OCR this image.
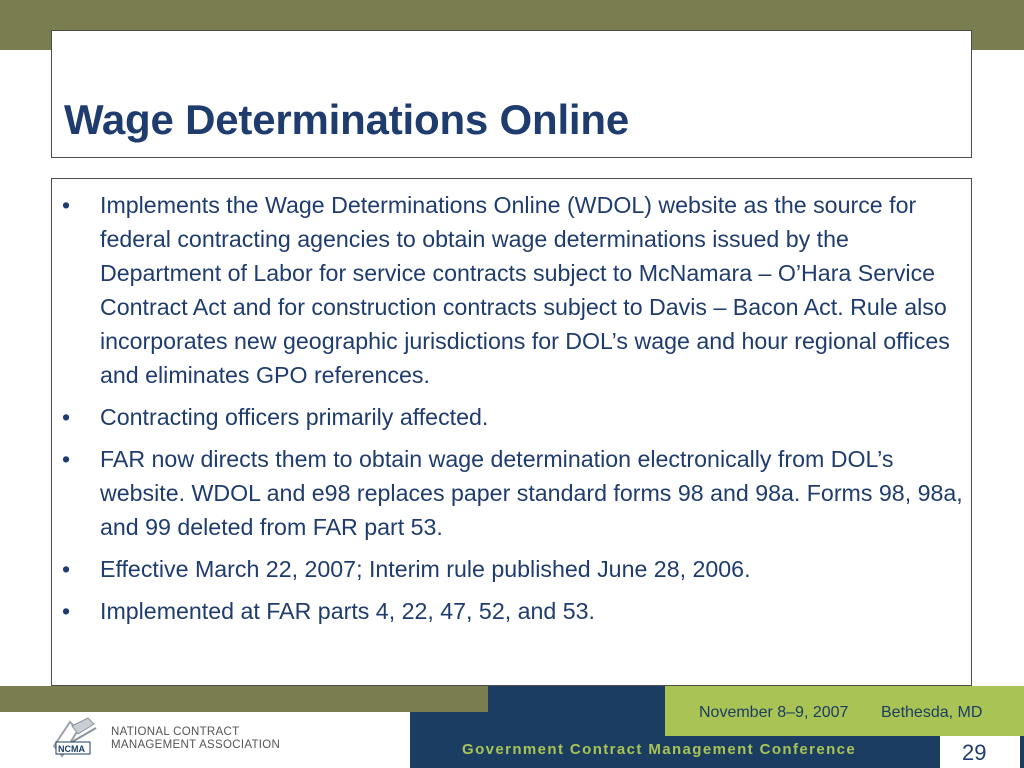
Wage Determinations Online
• Implements the Wage Determinations Online (WDOL) website as the source for federal contracting agencies to obtain wage determinations issued by the Department of Labor for service contracts subject to McNamara – O’Hara Service Contract Act and for construction contracts subject to Davis – Bacon Act. Rule also incorporates new geographic jurisdictions for DOL’s wage and hour regional offices and eliminates GPO references.
• Contracting officers primarily affected.
• FAR now directs them to obtain wage determination electronically from DOL’s website. WDOL and e98 replaces paper standard forms 98 and 98a. Forms 98, 98a, and 99 deleted from FAR part 53.
• Effective March 22, 2007; Interim rule published June 28, 2006.
• Implemented at FAR parts 4, 22, 47, 52, and 53.
November 8–9, 2007 Bethesda, MD
Government Contract Management Conference	29
NCMA
NATIONAL CONTRACT
MANAGEMENT ASSOCIATION
